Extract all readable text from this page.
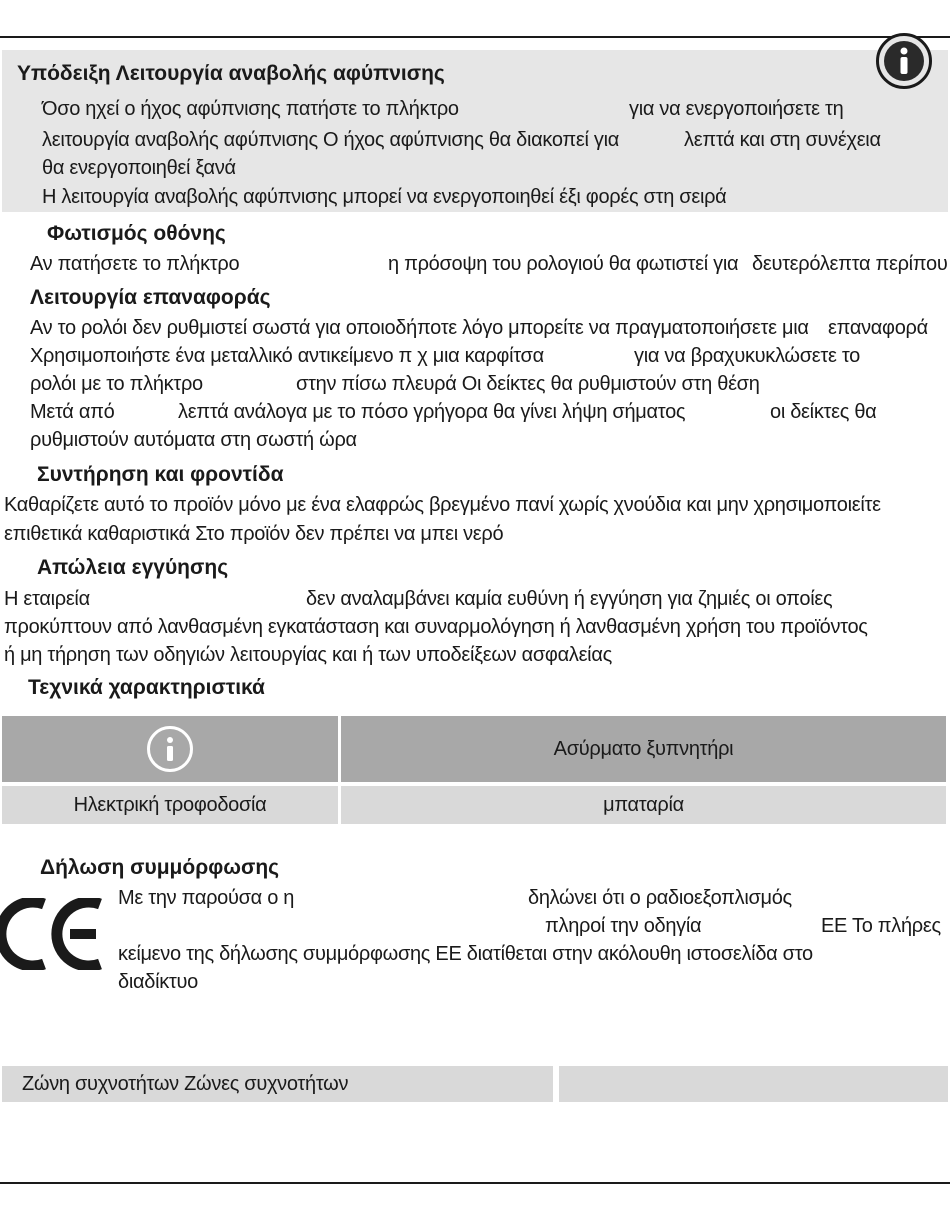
Υπόδειξη Λειτουργία αναβολής αφύπνισης
Όσο ηχεί ο ήχος αφύπνισης πατήστε το πλήκτρο	για να ενεργοποιήσετε τη
λειτουργία αναβολής αφύπνισης Ο ήχος αφύπνισης θα διακοπεί για	λεπτά και στη συνέχεια
θα ενεργοποιηθεί ξανά
Η λειτουργία αναβολής αφύπνισης μπορεί να ενεργοποιηθεί έξι φορές στη σειρά
Φωτισμός οθόνης
Αν πατήσετε το πλήκτρο	η πρόσοψη του ρολογιού θα φωτιστεί για δευτερόλεπτα περίπου
Λειτουργία επαναφοράς
Αν το ρολόι δεν ρυθμιστεί σωστά για οποιοδήποτε λόγο μπορείτε να πραγματοποιήσετε μια επαναφορά
Χρησιμοποιήστε ένα μεταλλικό αντικείμενο π χ μια καρφίτσα	για να βραχυκυκλώσετε το
ρολόι με το πλήκτρο	στην πίσω πλευρά Οι δείκτες θα ρυθμιστούν στη θέση
Μετά από	λεπτά ανάλογα με το πόσο γρήγορα θα γίνει λήψη σήματος	οι δείκτες θα
ρυθμιστούν αυτόματα στη σωστή ώρα
Συντήρηση και φροντίδα
Καθαρίζετε αυτό το προϊόν μόνο με ένα ελαφρώς βρεγμένο πανί χωρίς χνούδια και μην χρησιμοποιείτε
επιθετικά καθαριστικά Στο προϊόν δεν πρέπει να μπει νερό
Απώλεια εγγύησης
Η εταιρεία	δεν αναλαμβάνει καμία ευθύνη ή εγγύηση για ζημιές οι οποίες
προκύπτουν από λανθασμένη εγκατάσταση και συναρμολόγηση ή λανθασμένη χρήση του προϊόντος
ή μη τήρηση των οδηγιών λειτουργίας και ή των υποδείξεων ασφαλείας
Τεχνικά χαρακτηριστικά
Ασύρματο ξυπνητήρι
Ηλεκτρική τροφοδοσία	μπαταρία
Δήλωση συμμόρφωσης
Με την παρούσα ο η	δηλώνει ότι ο ραδιοεξοπλισμός
πληροί την οδηγία	ΕΕ Το πλήρες
κείμενο της δήλωσης συμμόρφωσης ΕΕ διατίθεται στην ακόλουθη ιστοσελίδα στο
διαδίκτυο
Ζώνη συχνοτήτων Ζώνες συχνοτήτων
